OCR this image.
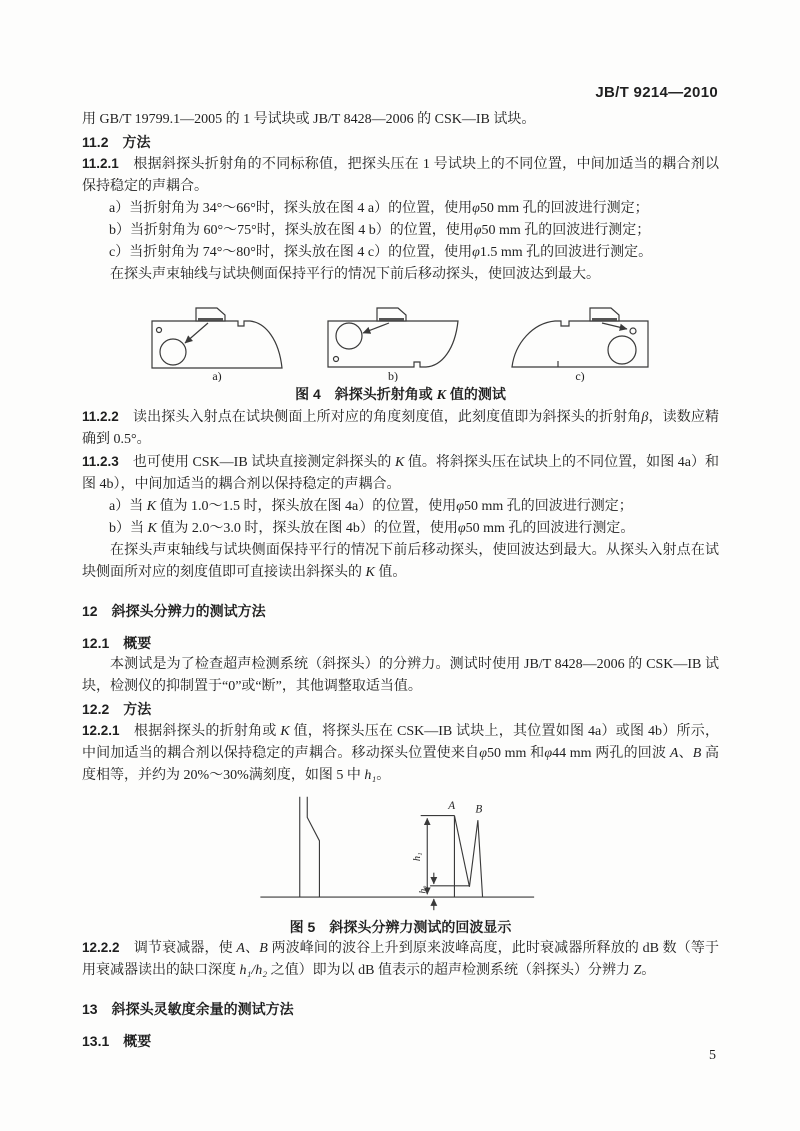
JB/T 9214—2010

用 GB/T 19799.1—2005 的 1 号试块或 JB/T 8428—2006 的 CSK—IB 试块。

11.2　方法

11.2.1　根据斜探头折射角的不同标称值，把探头压在 1 号试块上的不同位置，中间加适当的耦合剂以保持稳定的声耦合。

a）当折射角为 34°～66°时，探头放在图 4 a）的位置，使用φ50 mm 孔的回波进行测定；

b）当折射角为 60°～75°时，探头放在图 4 b）的位置，使用φ50 mm 孔的回波进行测定；

c）当折射角为 74°～80°时，探头放在图 4 c）的位置，使用φ1.5 mm 孔的回波进行测定。

在探头声束轴线与试块侧面保持平行的情况下前后移动探头，使回波达到最大。

a)	b)	c)
图 4　斜探头折射角或 K 值的测试

11.2.2　读出探头入射点在试块侧面上所对应的角度刻度值，此刻度值即为斜探头的折射角β，读数应精确到 0.5°。

11.2.3　也可使用 CSK—IB 试块直接测定斜探头的 K 值。将斜探头压在试块上的不同位置，如图 4a）和图 4b），中间加适当的耦合剂以保持稳定的声耦合。

a）当 K 值为 1.0～1.5 时，探头放在图 4a）的位置，使用φ50 mm 孔的回波进行测定；

b）当 K 值为 2.0～3.0 时，探头放在图 4b）的位置，使用φ50 mm 孔的回波进行测定。

在探头声束轴线与试块侧面保持平行的情况下前后移动探头，使回波达到最大。从探头入射点在试块侧面所对应的刻度值即可直接读出斜探头的 K 值。

12　斜探头分辨力的测试方法

12.1　概要

本测试是为了检查超声检测系统（斜探头）的分辨力。测试时使用 JB/T 8428—2006 的 CSK—IB 试块，检测仪的抑制置于“0”或“断”，其他调整取适当值。

12.2　方法

12.2.1　根据斜探头的折射角或 K 值，将探头压在 CSK—IB 试块上，其位置如图 4a）或图 4b）所示，中间加适当的耦合剂以保持稳定的声耦合。移动探头位置使来自φ50 mm 和φ44 mm 两孔的回波 A、B 高度相等，并约为 20%～30%满刻度，如图 5 中 h₁。

A B
h₁
h₂
图 5　斜探头分辨力测试的回波显示

12.2.2　调节衰减器，使 A、B 两波峰间的波谷上升到原来波峰高度，此时衰减器所释放的 dB 数（等于用衰减器读出的缺口深度 h₁/h₂ 之值）即为以 dB 值表示的超声检测系统（斜探头）分辨力 Z。

13　斜探头灵敏度余量的测试方法

13.1　概要

5
